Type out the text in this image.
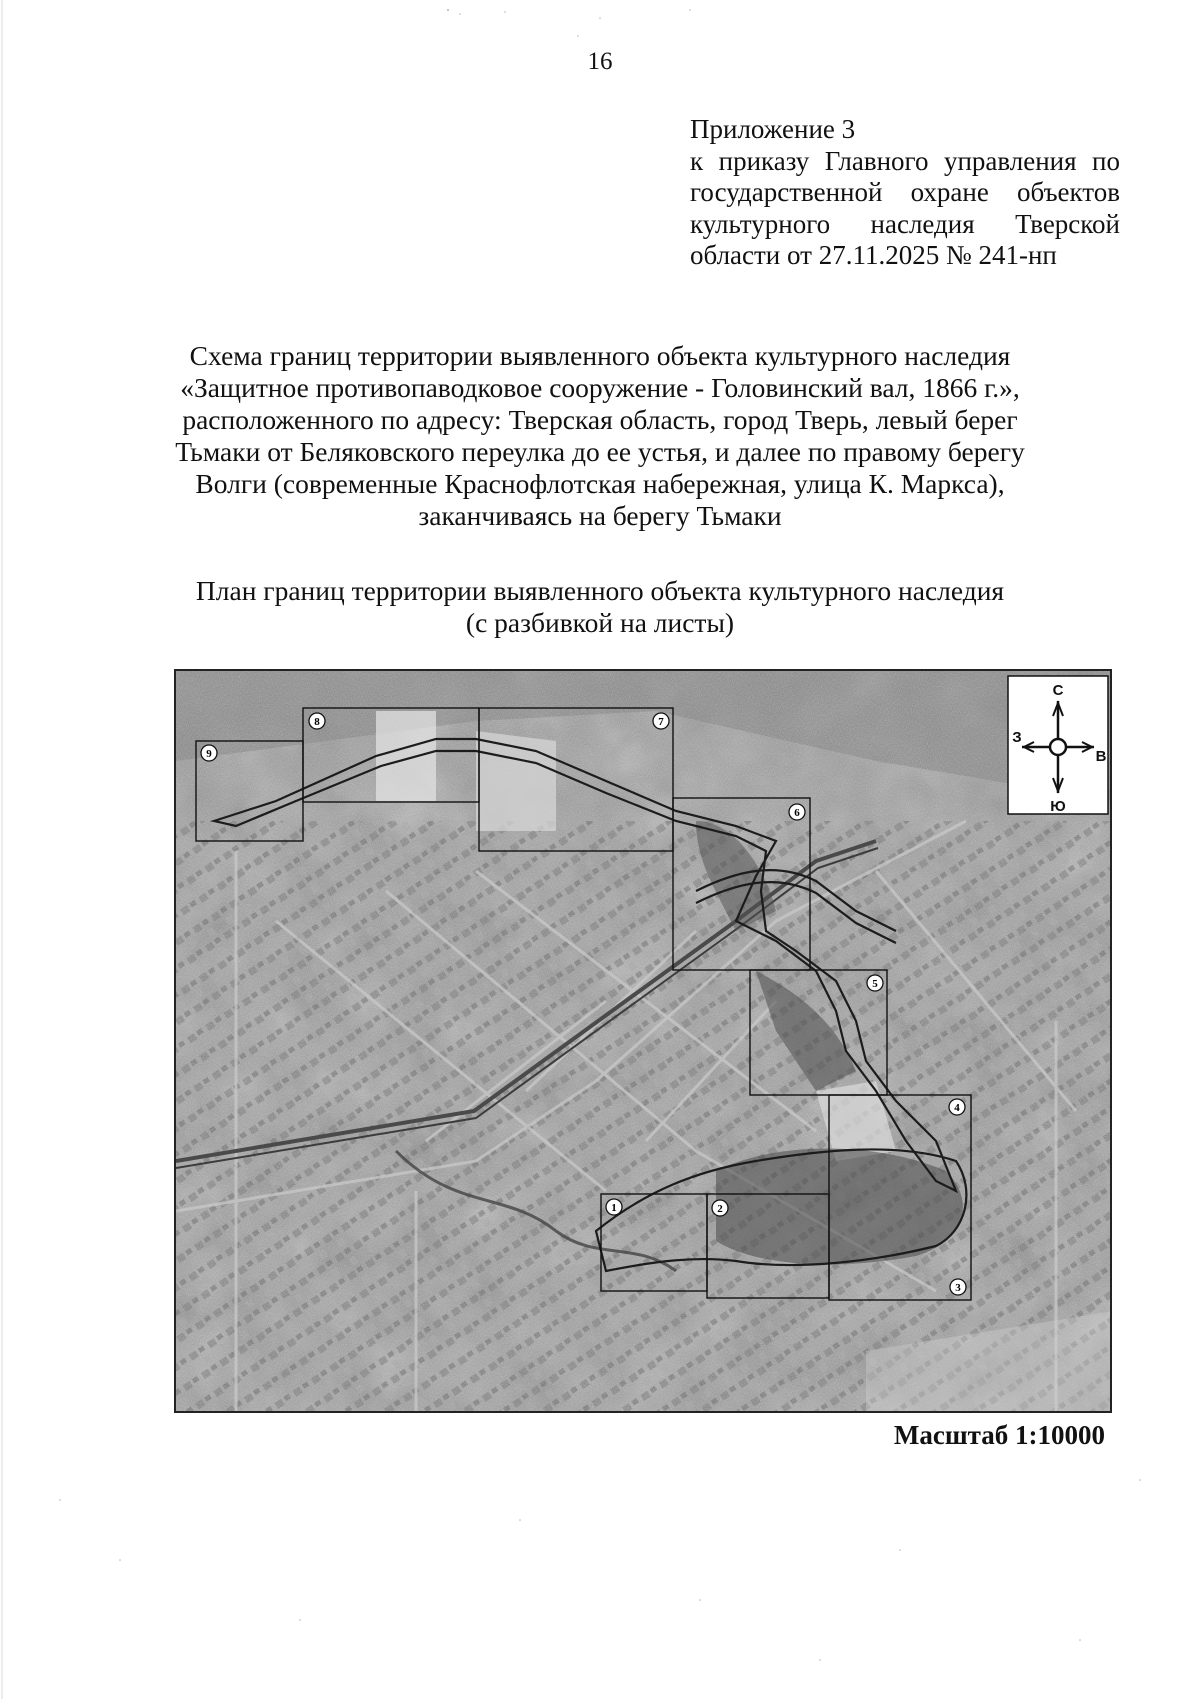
16
Приложение 3
к приказу Главного управления по
государственной охране объектов
культурного наследия Тверской
области от 27.11.2025 № 241-нп
Схема границ территории выявленного объекта культурного наследия
«Защитное противопаводковое сооружение - Головинский вал, 1866 г.»,
расположенного по адресу: Тверская область, город Тверь, левый берег
Тьмаки от Беляковского переулка до ее устья, и далее по правому берегу
Волги (современные Краснофлотская набережная, улица К. Маркса),
заканчиваясь на берегу Тьмаки
План границ территории выявленного объекта культурного наследия
(с разбивкой на листы)
1	2
3
4
5
6
7
8
9
С
Ю
З
В
Масштаб 1:10000
